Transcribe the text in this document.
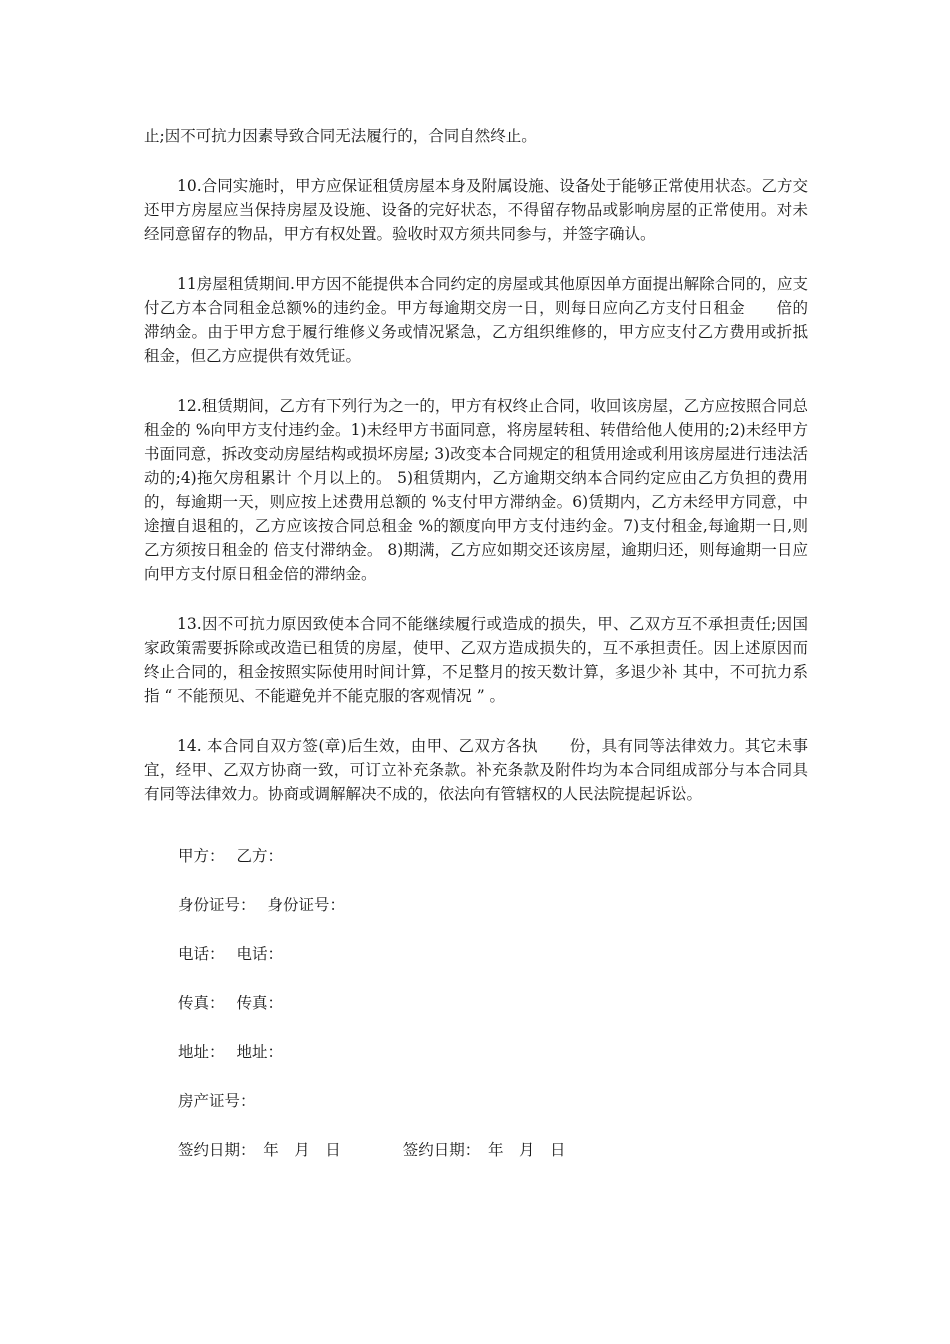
止;因不可抗力因素导致合同无法履行的，合同自然终止。

10.合同实施时，甲方应保证租赁房屋本身及附属设施、设备处于能够正常使用状态。乙方交还甲方房屋应当保持房屋及设施、设备的完好状态，不得留存物品或影响房屋的正常使用。对未经同意留存的物品，甲方有权处置。验收时双方须共同参与，并签字确认。

11房屋租赁期间.甲方因不能提供本合同约定的房屋或其他原因单方面提出解除合同的，应支付乙方本合同租金总额%的违约金。甲方每逾期交房一日，则每日应向乙方支付日租金　　倍的滞纳金。由于甲方怠于履行维修义务或情况紧急，乙方组织维修的，甲方应支付乙方费用或折抵租金，但乙方应提供有效凭证。

12.租赁期间，乙方有下列行为之一的，甲方有权终止合同，收回该房屋，乙方应按照合同总租金的 %向甲方支付违约金。1)未经甲方书面同意，将房屋转租、转借给他人使用的;2)未经甲方书面同意，拆改变动房屋结构或损坏房屋; 3)改变本合同规定的租赁用途或利用该房屋进行违法活动的;4)拖欠房租累计 个月以上的。 5)租赁期内，乙方逾期交纳本合同约定应由乙方负担的费用的，每逾期一天，则应按上述费用总额的 %支付甲方滞纳金。6)赁期内，乙方未经甲方同意，中途擅自退租的，乙方应该按合同总租金 %的额度向甲方支付违约金。7)支付租金,每逾期一日,则乙方须按日租金的 倍支付滞纳金。 8)期满，乙方应如期交还该房屋，逾期归还，则每逾期一日应向甲方支付原日租金倍的滞纳金。

13.因不可抗力原因致使本合同不能继续履行或造成的损失，甲、乙双方互不承担责任;因国家政策需要拆除或改造已租赁的房屋，使甲、乙双方造成损失的，互不承担责任。因上述原因而终止合同的，租金按照实际使用时间计算，不足整月的按天数计算，多退少补 其中，不可抗力系指 “ 不能预见、不能避免并不能克服的客观情况 ” 。

14. 本合同自双方签(章)后生效，由甲、乙双方各执　　份，具有同等法律效力。其它未事宜，经甲、乙双方协商一致，可订立补充条款。补充条款及附件均为本合同组成部分与本合同具有同等法律效力。协商或调解解决不成的，依法向有管辖权的人民法院提起诉讼。

甲方： 乙方：
身份证号： 身份证号：
电话： 电话：
传真： 传真：
地址： 地址：
房产证号：
签约日期：　年　月　日	签约日期：　年　月　日
